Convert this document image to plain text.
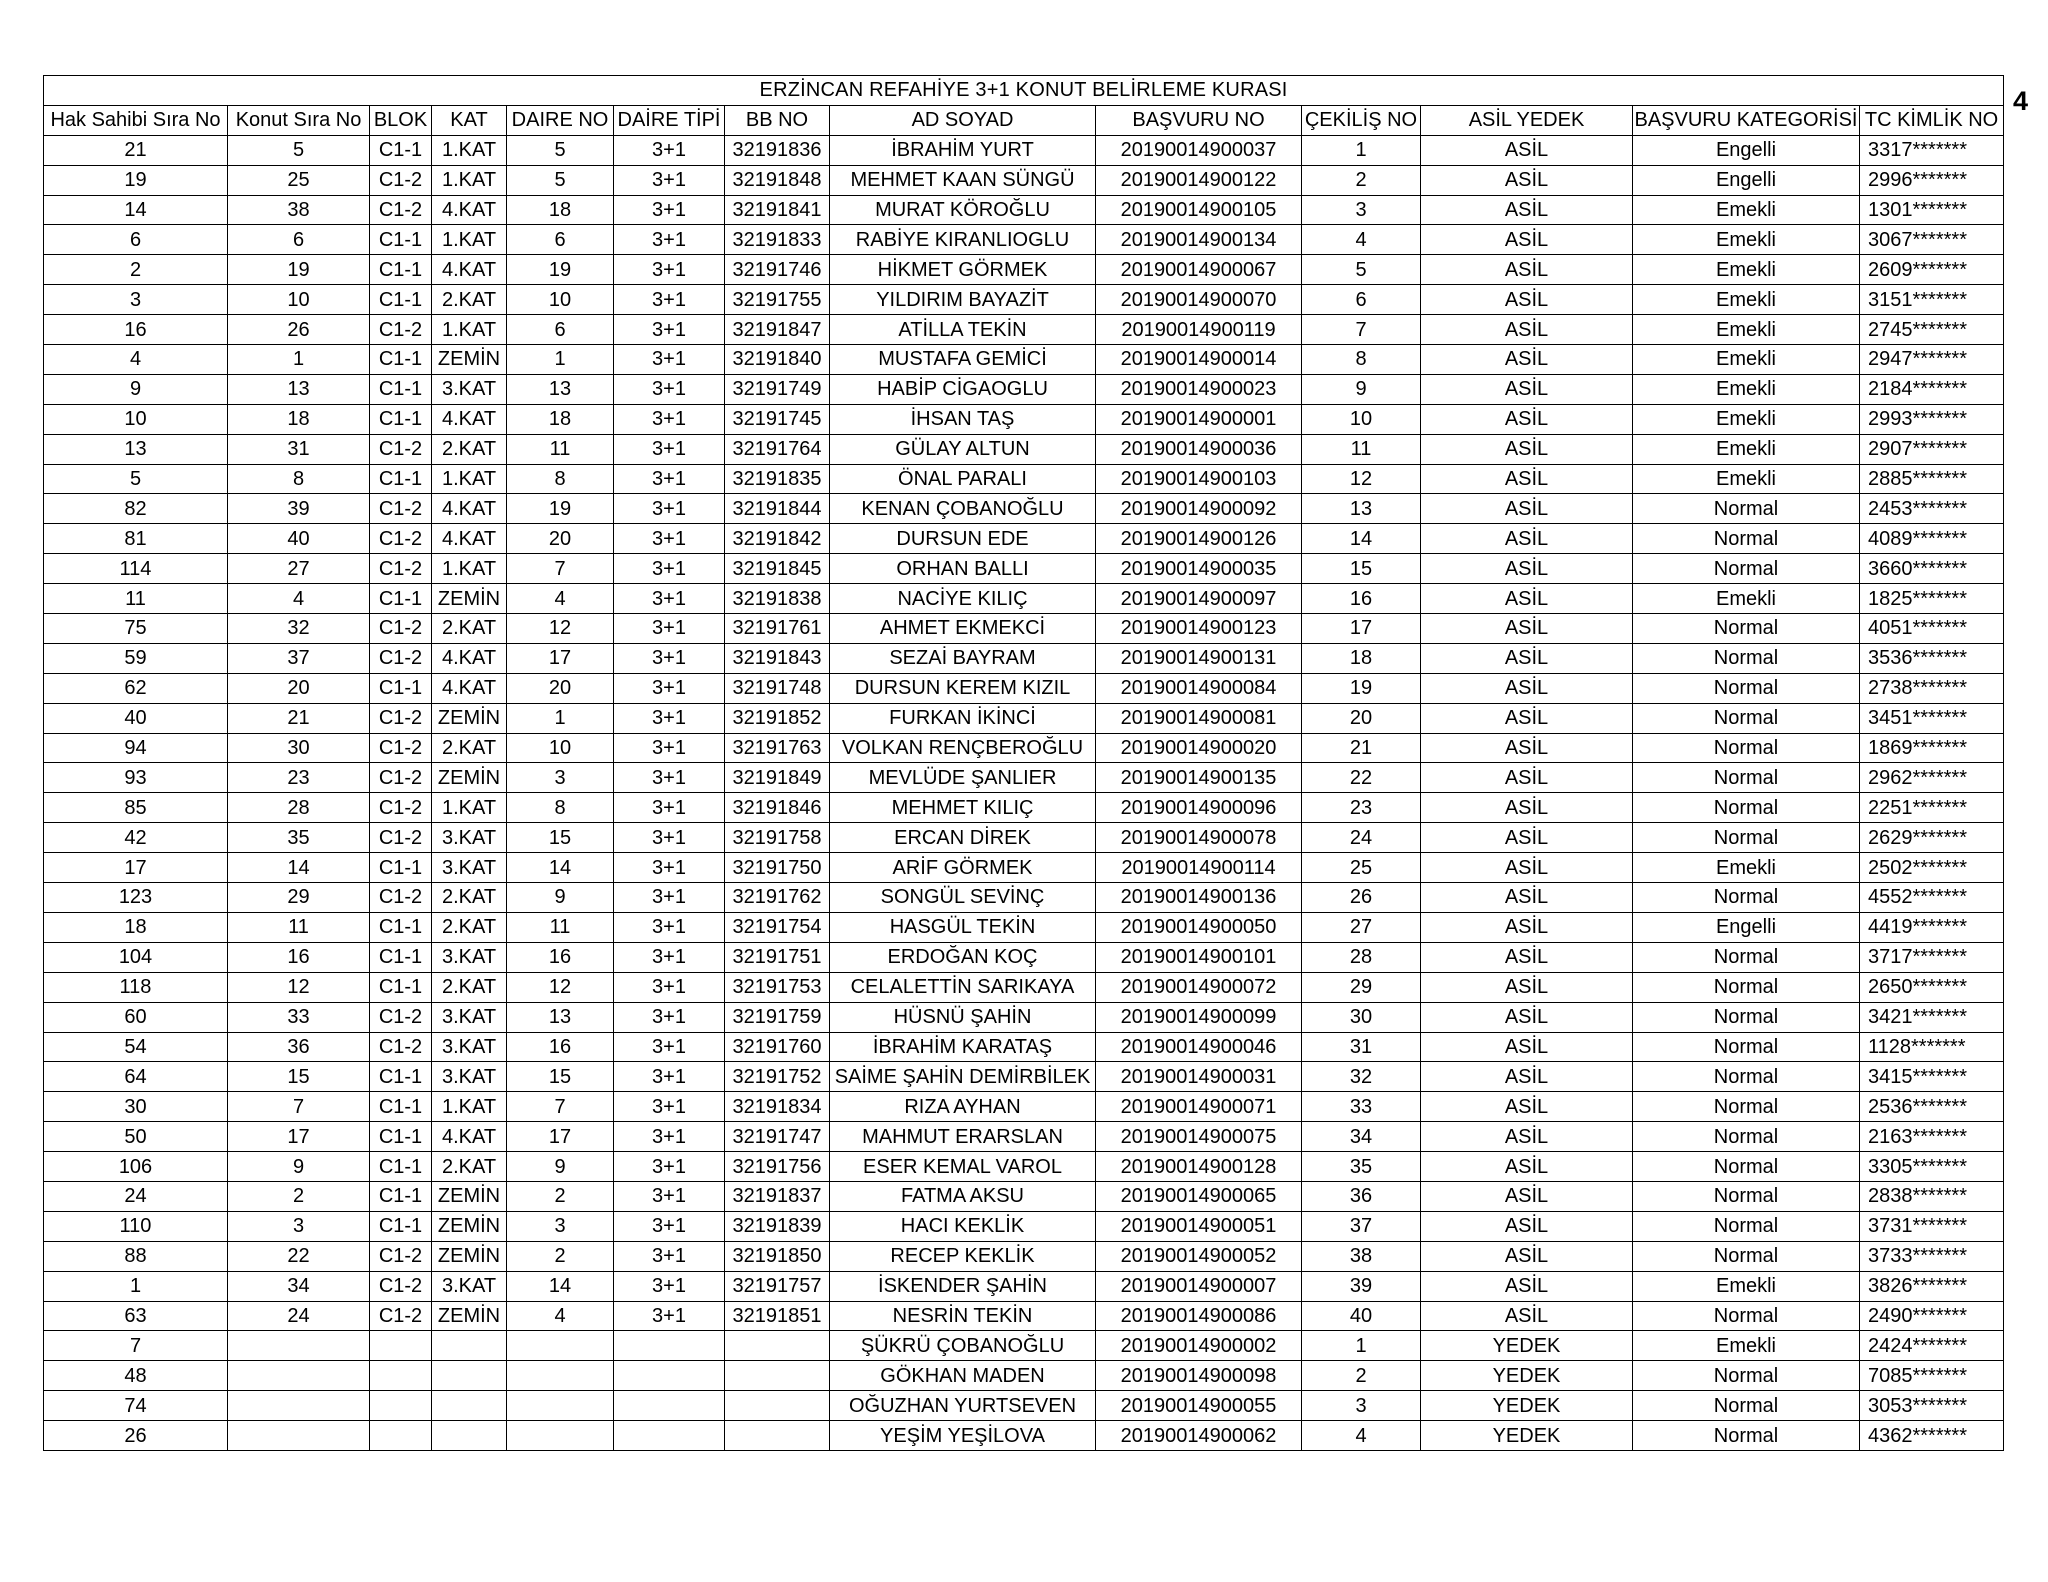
4
ERZİNCAN REFAHİYE 3+1 KONUT BELİRLEME KURASI												
Hak Sahibi Sıra No	Konut Sıra No	BLOK	KAT	DAIRE NO	DAİRE TİPİ	BB NO	AD SOYAD	BAŞVURU NO	ÇEKİLİŞ NO	ASİL YEDEK	BAŞVURU KATEGORİSİ	TC KİMLİK NO
21	5	C1-1	1.KAT	5	3+1	32191836	İBRAHİM YURT	20190014900037	1	ASİL	Engelli	3317*******
19	25	C1-2	1.KAT	5	3+1	32191848	MEHMET KAAN SÜNGÜ	20190014900122	2	ASİL	Engelli	2996*******
14	38	C1-2	4.KAT	18	3+1	32191841	MURAT KÖROĞLU	20190014900105	3	ASİL	Emekli	1301*******
6	6	C1-1	1.KAT	6	3+1	32191833	RABİYE KIRANLIOGLU	20190014900134	4	ASİL	Emekli	3067*******
2	19	C1-1	4.KAT	19	3+1	32191746	HİKMET GÖRMEK	20190014900067	5	ASİL	Emekli	2609*******
3	10	C1-1	2.KAT	10	3+1	32191755	YILDIRIM BAYAZİT	20190014900070	6	ASİL	Emekli	3151*******
16	26	C1-2	1.KAT	6	3+1	32191847	ATİLLA TEKİN	20190014900119	7	ASİL	Emekli	2745*******
4	1	C1-1	ZEMİN	1	3+1	32191840	MUSTAFA GEMİCİ	20190014900014	8	ASİL	Emekli	2947*******
9	13	C1-1	3.KAT	13	3+1	32191749	HABİP CİGAOGLU	20190014900023	9	ASİL	Emekli	2184*******
10	18	C1-1	4.KAT	18	3+1	32191745	İHSAN TAŞ	20190014900001	10	ASİL	Emekli	2993*******
13	31	C1-2	2.KAT	11	3+1	32191764	GÜLAY ALTUN	20190014900036	11	ASİL	Emekli	2907*******
5	8	C1-1	1.KAT	8	3+1	32191835	ÖNAL PARALI	20190014900103	12	ASİL	Emekli	2885*******
82	39	C1-2	4.KAT	19	3+1	32191844	KENAN ÇOBANOĞLU	20190014900092	13	ASİL	Normal	2453*******
81	40	C1-2	4.KAT	20	3+1	32191842	DURSUN EDE	20190014900126	14	ASİL	Normal	4089*******
114	27	C1-2	1.KAT	7	3+1	32191845	ORHAN BALLI	20190014900035	15	ASİL	Normal	3660*******
11	4	C1-1	ZEMİN	4	3+1	32191838	NACİYE KILIÇ	20190014900097	16	ASİL	Emekli	1825*******
75	32	C1-2	2.KAT	12	3+1	32191761	AHMET EKMEKCİ	20190014900123	17	ASİL	Normal	4051*******
59	37	C1-2	4.KAT	17	3+1	32191843	SEZAİ BAYRAM	20190014900131	18	ASİL	Normal	3536*******
62	20	C1-1	4.KAT	20	3+1	32191748	DURSUN KEREM KIZIL	20190014900084	19	ASİL	Normal	2738*******
40	21	C1-2	ZEMİN	1	3+1	32191852	FURKAN İKİNCİ	20190014900081	20	ASİL	Normal	3451*******
94	30	C1-2	2.KAT	10	3+1	32191763	VOLKAN RENÇBEROĞLU	20190014900020	21	ASİL	Normal	1869*******
93	23	C1-2	ZEMİN	3	3+1	32191849	MEVLÜDE ŞANLIER	20190014900135	22	ASİL	Normal	2962*******
85	28	C1-2	1.KAT	8	3+1	32191846	MEHMET KILIÇ	20190014900096	23	ASİL	Normal	2251*******
42	35	C1-2	3.KAT	15	3+1	32191758	ERCAN DİREK	20190014900078	24	ASİL	Normal	2629*******
17	14	C1-1	3.KAT	14	3+1	32191750	ARİF GÖRMEK	20190014900114	25	ASİL	Emekli	2502*******
123	29	C1-2	2.KAT	9	3+1	32191762	SONGÜL SEVİNÇ	20190014900136	26	ASİL	Normal	4552*******
18	11	C1-1	2.KAT	11	3+1	32191754	HASGÜL TEKİN	20190014900050	27	ASİL	Engelli	4419*******
104	16	C1-1	3.KAT	16	3+1	32191751	ERDOĞAN KOÇ	20190014900101	28	ASİL	Normal	3717*******
118	12	C1-1	2.KAT	12	3+1	32191753	CELALETTİN SARIKAYA	20190014900072	29	ASİL	Normal	2650*******
60	33	C1-2	3.KAT	13	3+1	32191759	HÜSNÜ ŞAHİN	20190014900099	30	ASİL	Normal	3421*******
54	36	C1-2	3.KAT	16	3+1	32191760	İBRAHİM KARATAŞ	20190014900046	31	ASİL	Normal	1128*******
64	15	C1-1	3.KAT	15	3+1	32191752	SAİME ŞAHİN DEMİRBİLEK	20190014900031	32	ASİL	Normal	3415*******
30	7	C1-1	1.KAT	7	3+1	32191834	RIZA AYHAN	20190014900071	33	ASİL	Normal	2536*******
50	17	C1-1	4.KAT	17	3+1	32191747	MAHMUT ERARSLAN	20190014900075	34	ASİL	Normal	2163*******
106	9	C1-1	2.KAT	9	3+1	32191756	ESER KEMAL VAROL	20190014900128	35	ASİL	Normal	3305*******
24	2	C1-1	ZEMİN	2	3+1	32191837	FATMA AKSU	20190014900065	36	ASİL	Normal	2838*******
110	3	C1-1	ZEMİN	3	3+1	32191839	HACI KEKLİK	20190014900051	37	ASİL	Normal	3731*******
88	22	C1-2	ZEMİN	2	3+1	32191850	RECEP KEKLİK	20190014900052	38	ASİL	Normal	3733*******
1	34	C1-2	3.KAT	14	3+1	32191757	İSKENDER ŞAHİN	20190014900007	39	ASİL	Emekli	3826*******
63	24	C1-2	ZEMİN	4	3+1	32191851	NESRİN TEKİN	20190014900086	40	ASİL	Normal	2490*******
7							ŞÜKRÜ ÇOBANOĞLU	20190014900002	1	YEDEK	Emekli	2424*******
48							GÖKHAN MADEN	20190014900098	2	YEDEK	Normal	7085*******
74							OĞUZHAN YURTSEVEN	20190014900055	3	YEDEK	Normal	3053*******
26							YEŞİM YEŞİLOVA	20190014900062	4	YEDEK	Normal	4362*******
